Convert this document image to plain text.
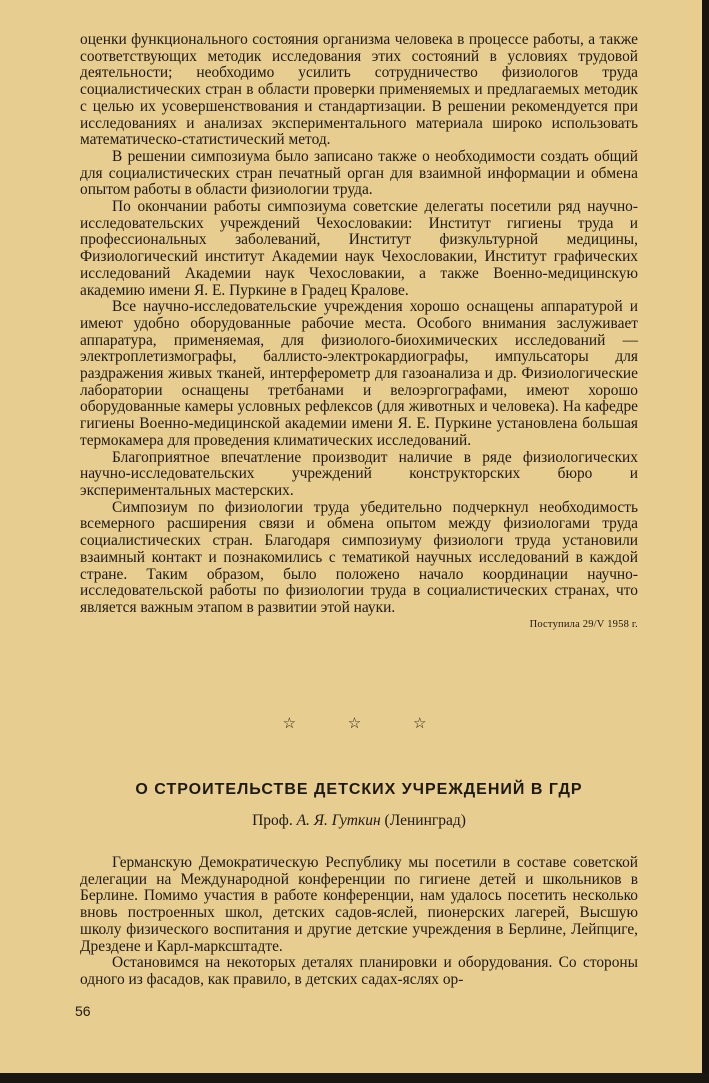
оценки функционального состояния организма человека в процессе работы, а также соответствующих методик исследования этих состояний в условиях трудовой деятельности; необходимо усилить сотрудничество физиологов труда социалистических стран в области проверки применяемых и предлагаемых методик с целью их усовершенствования и стандартизации. В решении рекомендуется при исследованиях и анализах экспериментального материала широко использовать математическо-статистический метод.

В решении симпозиума было записано также о необходимости создать общий для социалистических стран печатный орган для взаимной информации и обмена опытом работы в области физиологии труда.

По окончании работы симпозиума советские делегаты посетили ряд научно-исследовательских учреждений Чехословакии: Институт гигиены труда и профессиональных заболеваний, Институт физкультурной медицины, Физиологический институт Академии наук Чехословакии, Институт графических исследований Академии наук Чехословакии, а также Военно-медицинскую академию имени Я. Е. Пуркине в Градец Кралове.

Все научно-исследовательские учреждения хорошо оснащены аппаратурой и имеют удобно оборудованные рабочие места. Особого внимания заслуживает аппаратура, применяемая, для физиолого-биохимических исследований — электроплетизмографы, баллисто-электрокардиографы, импульсаторы для раздражения живых тканей, интерферометр для газоанализа и др. Физиологические лаборатории оснащены третбанами и велоэргографами, имеют хорошо оборудованные камеры условных рефлексов (для животных и человека). На кафедре гигиены Военно-медицинской академии имени Я. Е. Пуркине установлена большая термокамера для проведения климатических исследований.

Благоприятное впечатление производит наличие в ряде физиологических научно-исследовательских учреждений конструкторских бюро и экспериментальных мастерских.

Симпозиум по физиологии труда убедительно подчеркнул необходимость всемерного расширения связи и обмена опытом между физиологами труда социалистических стран. Благодаря симпозиуму физиологи труда установили взаимный контакт и познакомились с тематикой научных исследований в каждой стране. Таким образом, было положено начало координации научно-исследовательской работы по физиологии труда в социалистических странах, что является важным этапом в развитии этой науки.

Поступила 29/V 1958 г.
☆ ☆ ☆
О СТРОИТЕЛЬСТВЕ ДЕТСКИХ УЧРЕЖДЕНИЙ В ГДР
Проф. А. Я. Гуткин (Ленинград)

Германскую Демократическую Республику мы посетили в составе советской делегации на Международной конференции по гигиене детей и школьников в Берлине. Помимо участия в работе конференции, нам удалось посетить несколько вновь построенных школ, детских садов-яслей, пионерских лагерей, Высшую школу физического воспитания и другие детские учреждения в Берлине, Лейпциге, Дрездене и Карл-марксштадте.

Остановимся на некоторых деталях планировки и оборудования. Со стороны одного из фасадов, как правило, в детских садах-яслях ор-

56
